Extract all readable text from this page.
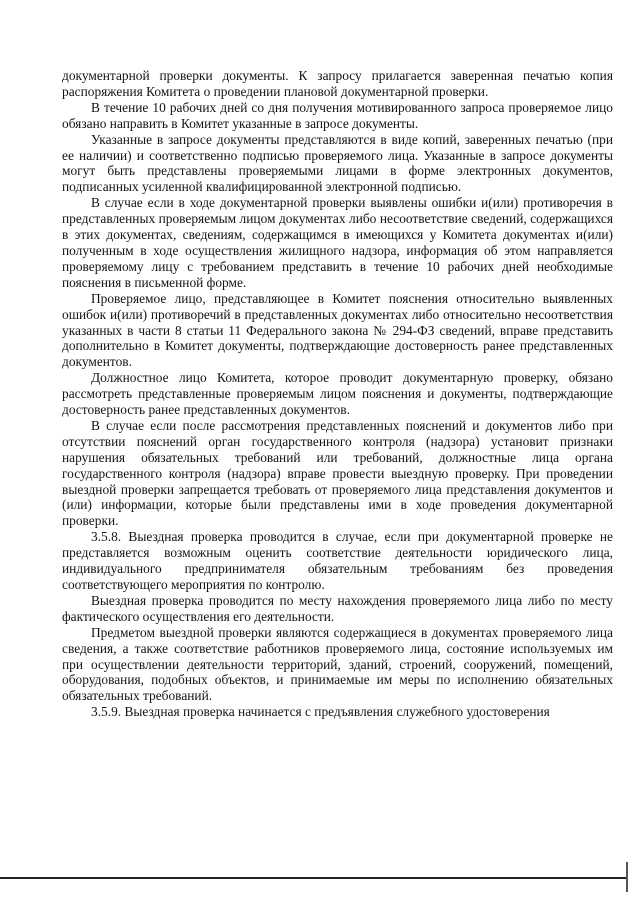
документарной проверки документы. К запросу прилагается заверенная печатью копия распоряжения Комитета о проведении плановой документарной проверки.

В течение 10 рабочих дней со дня получения мотивированного запроса проверяемое лицо обязано направить в Комитет указанные в запросе документы.

Указанные в запросе документы представляются в виде копий, заверенных печатью (при ее наличии) и соответственно подписью проверяемого лица. Указанные в запросе документы могут быть представлены проверяемыми лицами в форме электронных документов, подписанных усиленной квалифицированной электронной подписью.

В случае если в ходе документарной проверки выявлены ошибки и(или) противоречия в представленных проверяемым лицом документах либо несоответствие сведений, содержащихся в этих документах, сведениям, содержащимся в имеющихся у Комитета документах и(или) полученным в ходе осуществления жилищного надзора, информация об этом направляется проверяемому лицу с требованием представить в течение 10 рабочих дней необходимые пояснения в письменной форме.

Проверяемое лицо, представляющее в Комитет пояснения относительно выявленных ошибок и(или) противоречий в представленных документах либо относительно несоответствия указанных в части 8 статьи 11 Федерального закона № 294-ФЗ сведений, вправе представить дополнительно в Комитет документы, подтверждающие достоверность ранее представленных документов.

Должностное лицо Комитета, которое проводит документарную проверку, обязано рассмотреть представленные проверяемым лицом пояснения и документы, подтверждающие достоверность ранее представленных документов.

В случае если после рассмотрения представленных пояснений и документов либо при отсутствии пояснений орган государственного контроля (надзора) установит признаки нарушения обязательных требований или требований, должностные лица органа государственного контроля (надзора) вправе провести выездную проверку. При проведении выездной проверки запрещается требовать от проверяемого лица представления документов и (или) информации, которые были представлены ими в ходе проведения документарной проверки.

3.5.8. Выездная проверка проводится в случае, если при документарной проверке не представляется возможным оценить соответствие деятельности юридического лица, индивидуального предпринимателя обязательным требованиям без проведения соответствующего мероприятия по контролю.

Выездная проверка проводится по месту нахождения проверяемого лица либо по месту фактического осуществления его деятельности.

Предметом выездной проверки являются содержащиеся в документах проверяемого лица сведения, а также соответствие работников проверяемого лица, состояние используемых им при осуществлении деятельности территорий, зданий, строений, сооружений, помещений, оборудования, подобных объектов, и принимаемые им меры по исполнению обязательных обязательных требований.

3.5.9. Выездная проверка начинается с предъявления служебного удостоверения
